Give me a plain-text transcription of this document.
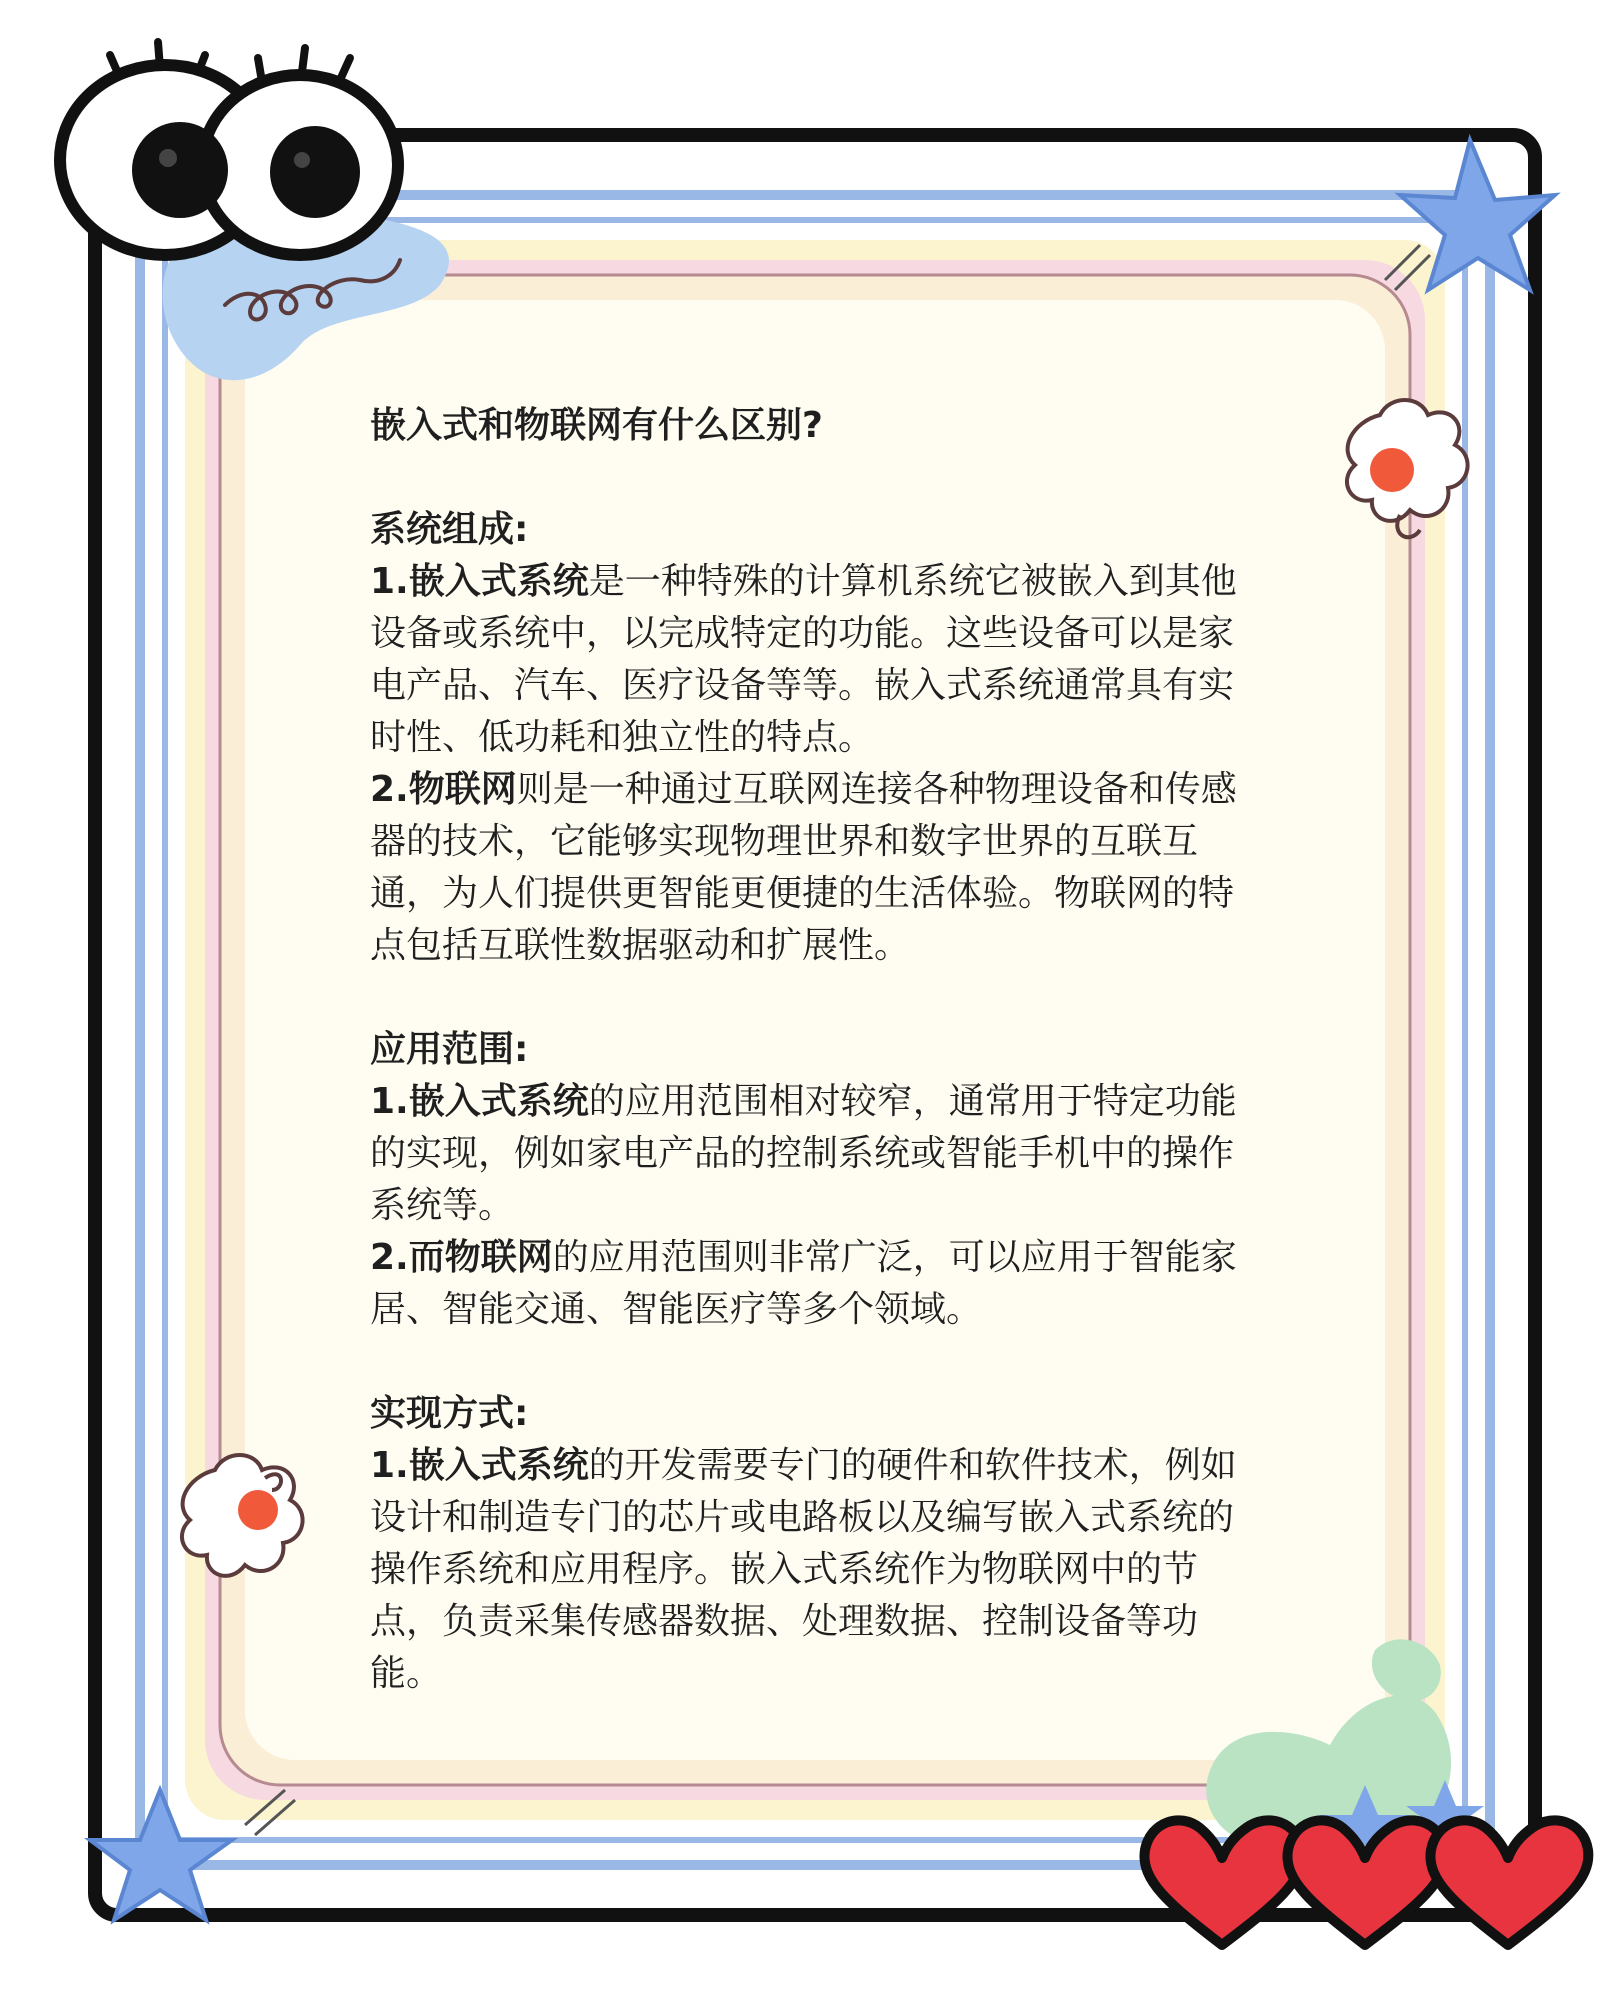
嵌入式和物联网有什么区别?
系统组成:
1.嵌入式系统是一种特殊的计算机系统它被嵌入到其他
设备或系统中，以完成特定的功能。这些设备可以是家
电产品、汽车、医疗设备等等。嵌入式系统通常具有实
时性、低功耗和独立性的特点。
2.物联网则是一种通过互联网连接各种物理设备和传感
器的技术，它能够实现物理世界和数字世界的互联互
通，为人们提供更智能更便捷的生活体验。物联网的特
点包括互联性数据驱动和扩展性。
应用范围:
1.嵌入式系统的应用范围相对较窄，通常用于特定功能
的实现，例如家电产品的控制系统或智能手机中的操作
系统等。
2.而物联网的应用范围则非常广泛，可以应用于智能家
居、智能交通、智能医疗等多个领域。
实现方式:
1.嵌入式系统的开发需要专门的硬件和软件技术，例如
设计和制造专门的芯片或电路板以及编写嵌入式系统的
操作系统和应用程序。嵌入式系统作为物联网中的节
点，负责采集传感器数据、处理数据、控制设备等功
能。
